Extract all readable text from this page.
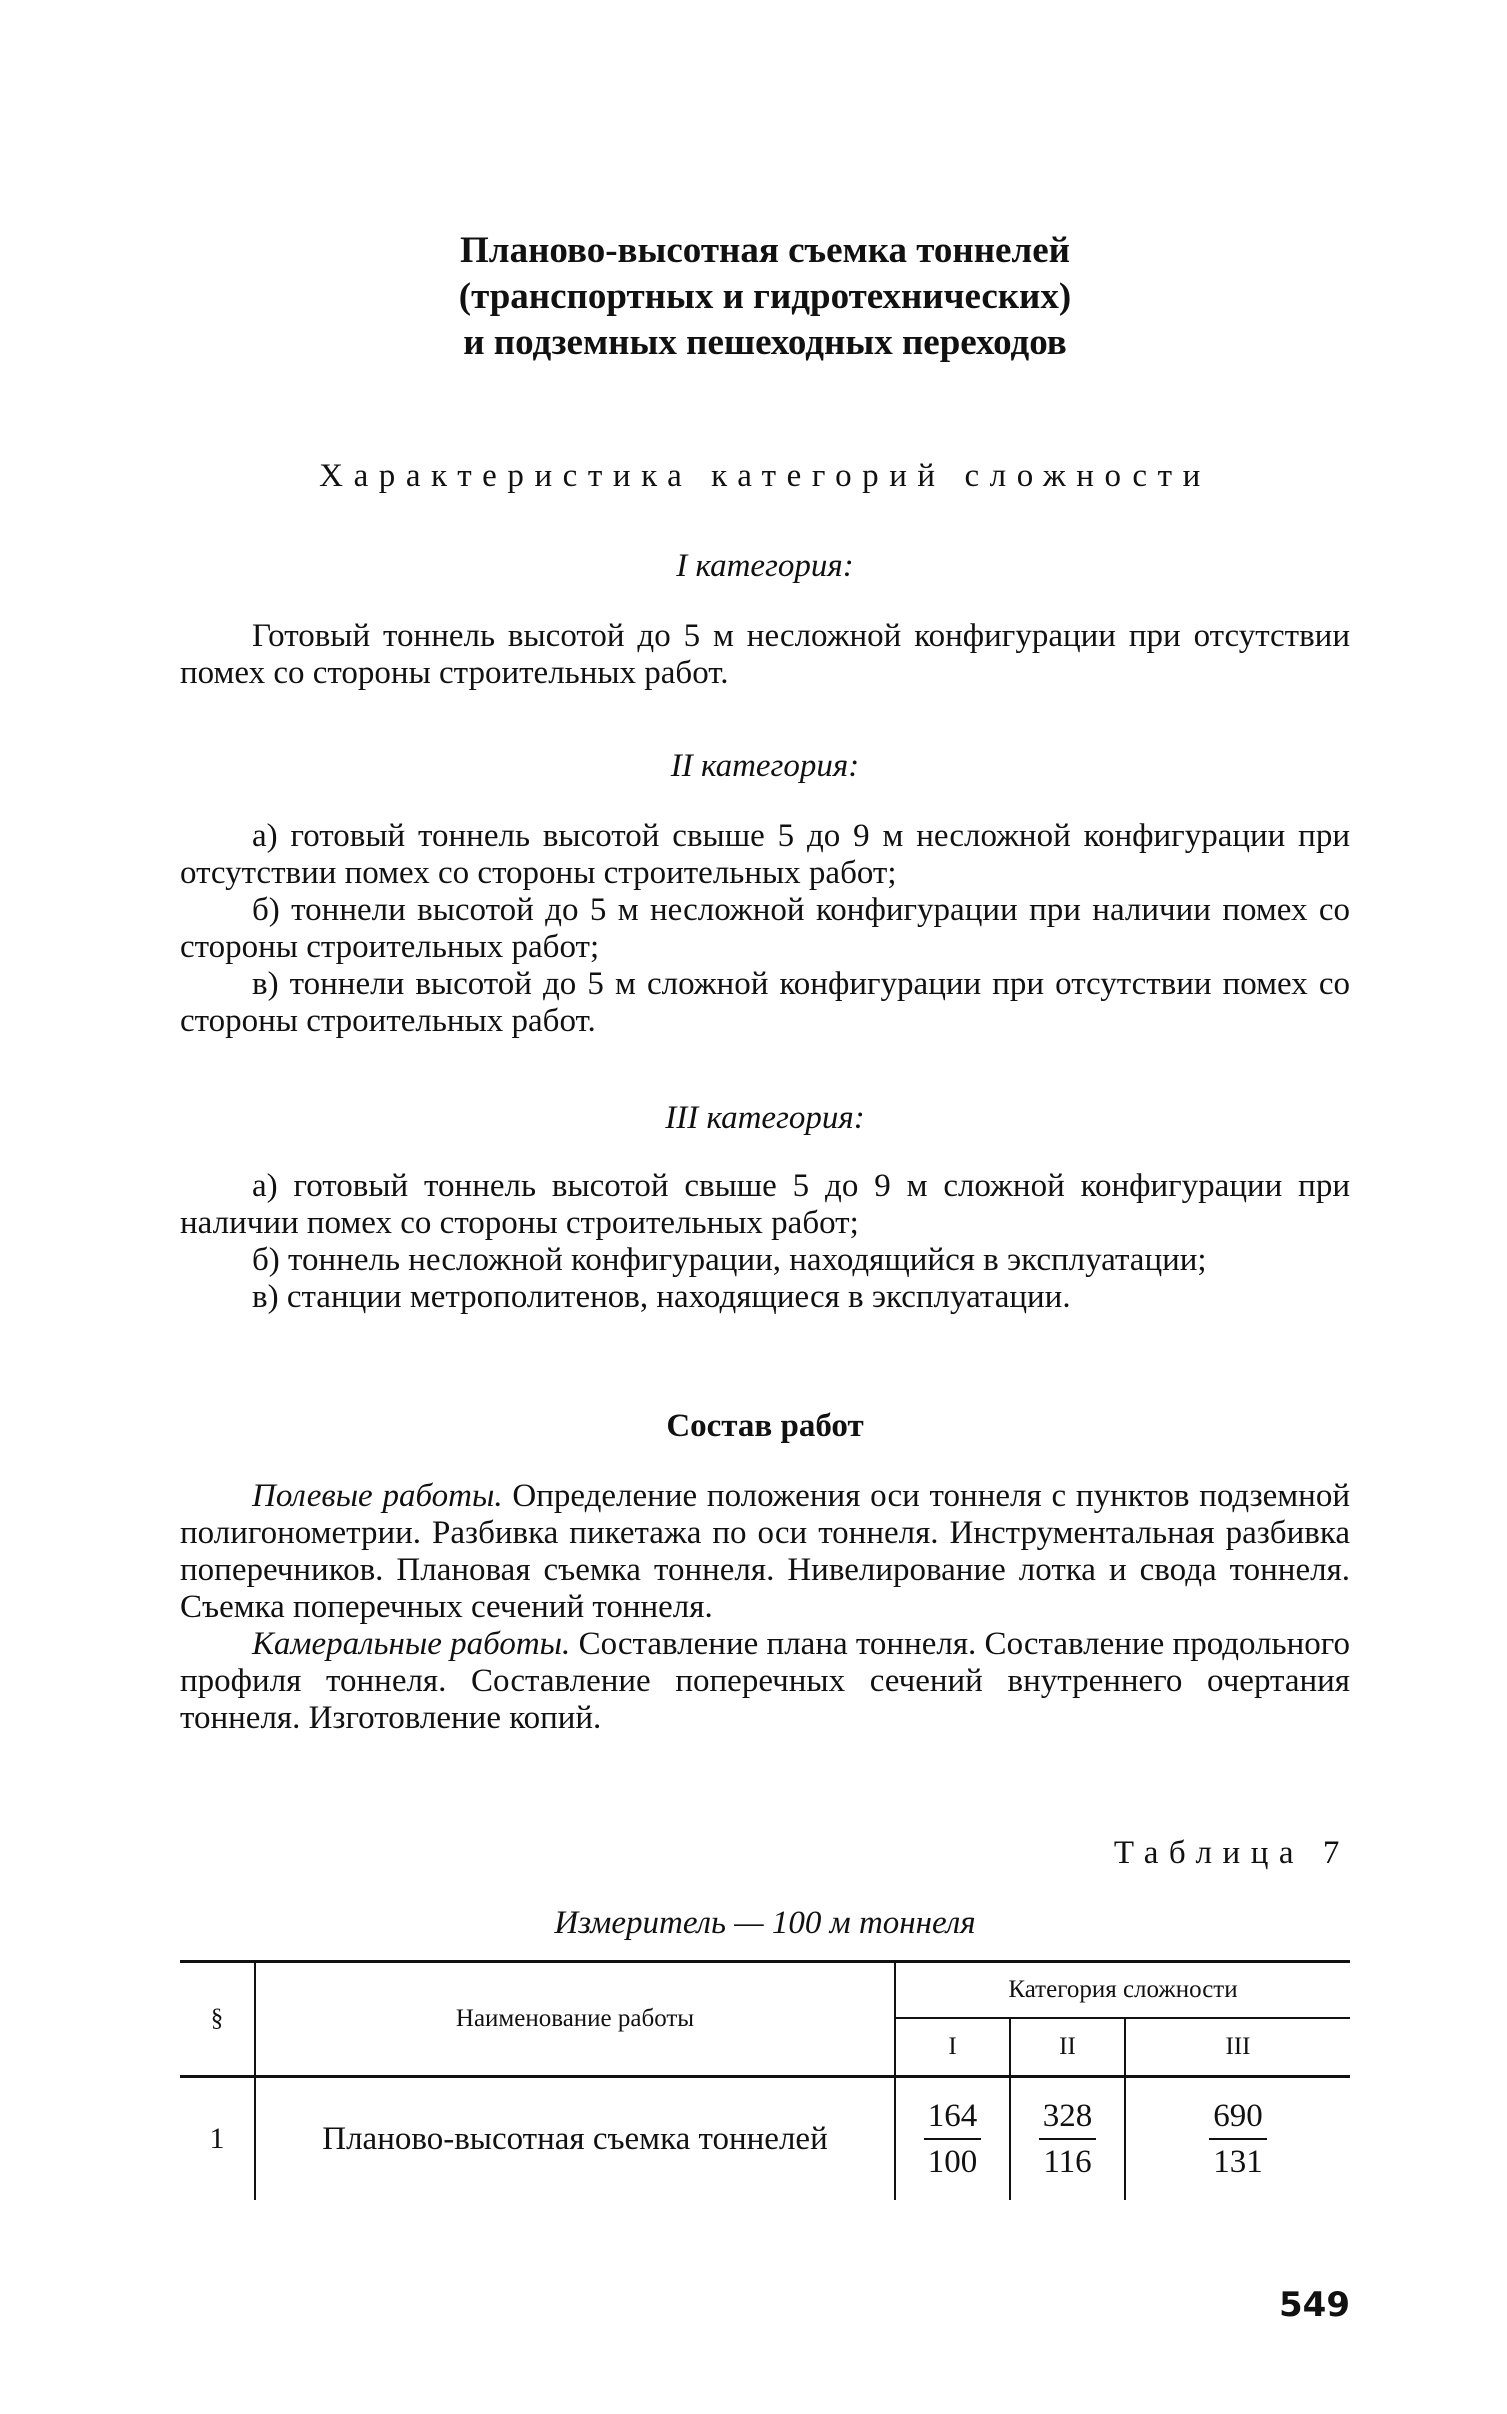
Планово-высотная съемка тоннелей
(транспортных и гидротехнических)
и подземных пешеходных переходов
Характеристика категорий сложности
I категория:

Готовый тоннель высотой до 5 м несложной конфигурации при отсутствии помех со стороны строительных работ.

II категория:

а) готовый тоннель высотой свыше 5 до 9 м несложной конфигурации при отсутствии помех со стороны строительных работ;

б) тоннели высотой до 5 м несложной конфигурации при наличии помех со стороны строительных работ;

в) тоннели высотой до 5 м сложной конфигурации при отсутствии помех со стороны строительных работ.

III категория:

а) готовый тоннель высотой свыше 5 до 9 м сложной конфигурации при наличии помех со стороны строительных работ;

б) тоннель несложной конфигурации, находящийся в эксплуатации;

в) станции метрополитенов, находящиеся в эксплуатации.

Состав работ

Полевые работы. Определение положения оси тоннеля с пунктов подземной полигонометрии. Разбивка пикетажа по оси тоннеля. Инструментальная разбивка поперечников. Плановая съемка тоннеля. Нивелирование лотка и свода тоннеля. Съемка поперечных сечений тоннеля.

Камеральные работы. Составление плана тоннеля. Составление продольного профиля тоннеля. Составление поперечных сечений внутреннего очертания тоннеля. Изготовление копий.

Таблица 7
Измеритель — 100 м тоннеля
§	Наименование работы	Категория сложности		
		I	II	III
1	Планово-высотная съемка тоннелей	$\frac{164}{100}$	$\frac{328}{116}$	$\frac{690}{131}$
549
